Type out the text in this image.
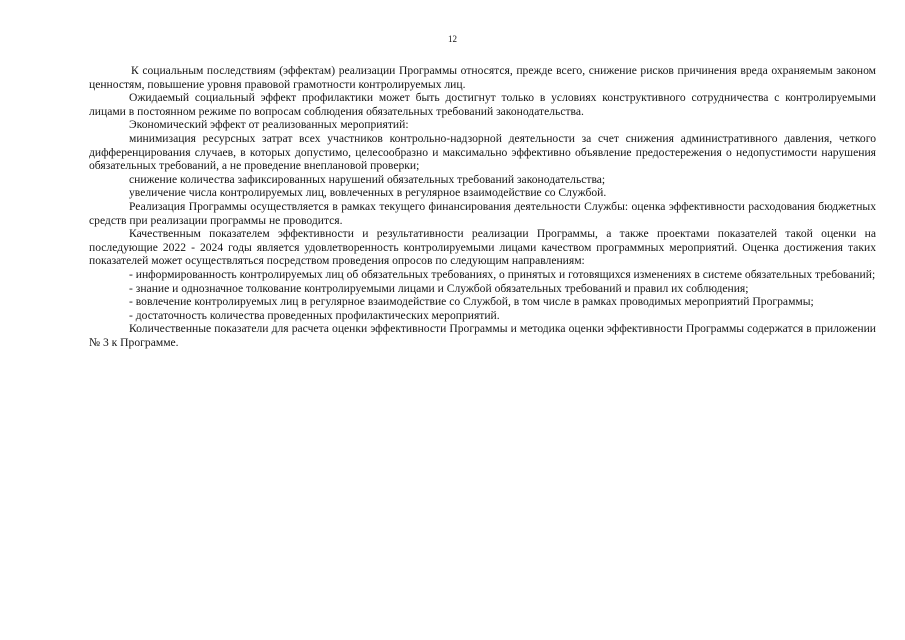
12

К социальным последствиям (эффектам) реализации Программы относятся, прежде всего, снижение рисков причинения вреда охраняемым законом ценностям, повышение уровня правовой грамотности контролируемых лиц.

Ожидаемый социальный эффект профилактики может быть достигнут только в условиях конструктивного сотрудничества с контролируемыми лицами в постоянном режиме по вопросам соблюдения обязательных требований законодательства.

Экономический эффект от реализованных мероприятий:

минимизация ресурсных затрат всех участников контрольно-надзорной деятельности за счет снижения административного давления, четкого дифференцирования случаев, в которых допустимо, целесообразно и максимально эффективно объявление предостережения о недопустимости нарушения обязательных требований, а не проведение внеплановой проверки;

снижение количества зафиксированных нарушений обязательных требований законодательства;

увеличение числа контролируемых лиц, вовлеченных в регулярное взаимодействие со Службой.

Реализация Программы осуществляется в рамках текущего финансирования деятельности Службы: оценка эффективности расходования бюджетных средств при реализации программы не проводится.

Качественным показателем эффективности и результативности реализации Программы, а также проектами показателей такой оценки на последующие 2022 - 2024 годы является удовлетворенность контролируемыми лицами качеством программных мероприятий. Оценка достижения таких показателей может осуществляться посредством проведения опросов по следующим направлениям:

- информированность контролируемых лиц об обязательных требованиях, о принятых и готовящихся изменениях в системе обязательных требований;

- знание и однозначное толкование контролируемыми лицами и Службой обязательных требований и правил их соблюдения;

- вовлечение контролируемых лиц в регулярное взаимодействие со Службой, в том числе в рамках проводимых мероприятий Программы;

- достаточность количества проведенных профилактических мероприятий.

Количественные показатели для расчета оценки эффективности Программы и методика оценки эффективности Программы содержатся в приложении № 3 к Программе.
